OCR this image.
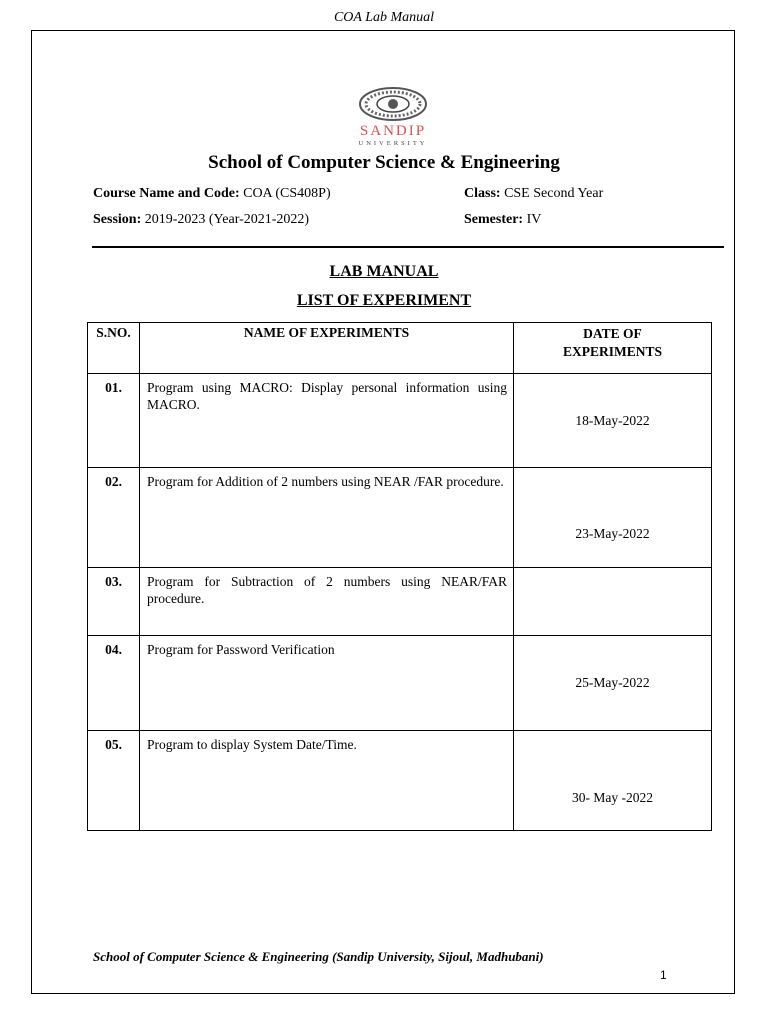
COA Lab Manual
SANDIP
UNIVERSITY
School of Computer Science & Engineering
Course Name and Code: COA (CS408P)	Class: CSE Second Year
Session: 2019-2023 (Year-2021-2022)	Semester: IV
LAB MANUAL
LIST OF EXPERIMENT
S.NO.	NAME OF EXPERIMENTS	DATE OF EXPERIMENTS
01.	Program using MACRO: Display personal information using MACRO.	18-May-2022
02.	Program for Addition of 2 numbers using NEAR /FAR procedure.	23-May-2022
03.	Program for Subtraction of 2 numbers using NEAR/FAR procedure.	
04.	Program for Password Verification	25-May-2022
05.	Program to display System Date/Time.	30- May -2022
School of Computer Science & Engineering (Sandip University, Sijoul, Madhubani)
1
